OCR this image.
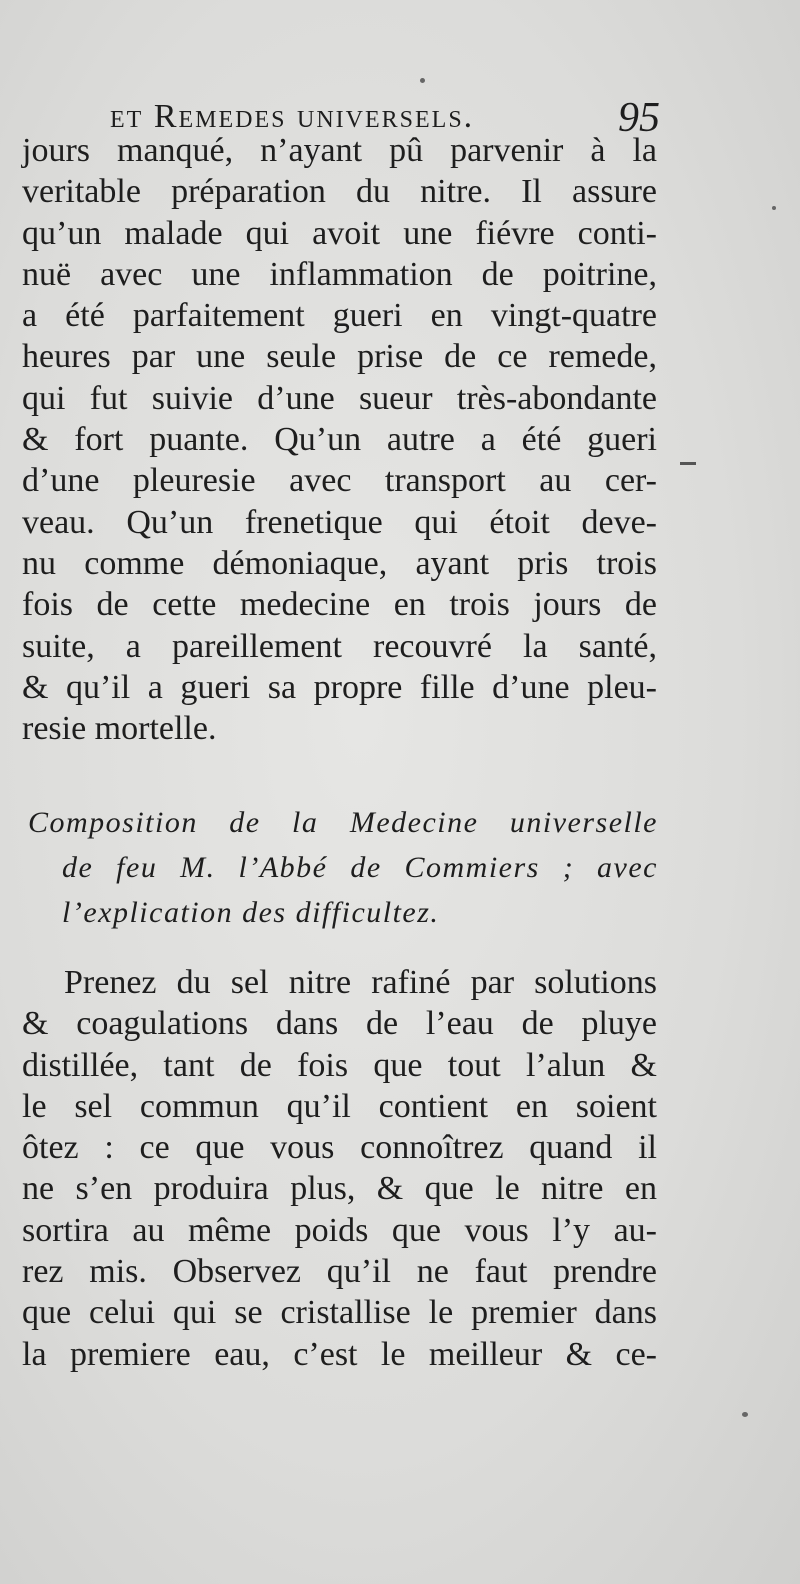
et Remedes universels.	95
jours manqué, n’ayant pû parvenir à la
veritable préparation du nitre. Il assure
qu’un malade qui avoit une fiévre conti-
nuë avec une inflammation de poitrine,
a été parfaitement gueri en vingt-quatre
heures par une seule prise de ce remede,
qui fut suivie d’une sueur très-abondante
& fort puante. Qu’un autre a été gueri
d’une pleuresie avec transport au cer-
veau. Qu’un frenetique qui étoit deve-
nu comme démoniaque, ayant pris trois
fois de cette medecine en trois jours de
suite, a pareillement recouvré la santé,
& qu’il a gueri sa propre fille d’une pleu-
resie mortelle.
Composition de la Medecine universelle
de feu M. l’Abbé de Commiers ; avec
l’explication des difficultez.
Prenez du sel nitre rafiné par solutions
& coagulations dans de l’eau de pluye
distillée, tant de fois que tout l’alun &
le sel commun qu’il contient en soient
ôtez : ce que vous connoîtrez quand il
ne s’en produira plus, & que le nitre en
sortira au même poids que vous l’y au-
rez mis. Observez qu’il ne faut prendre
que celui qui se cristallise le premier dans
la premiere eau, c’est le meilleur & ce-
